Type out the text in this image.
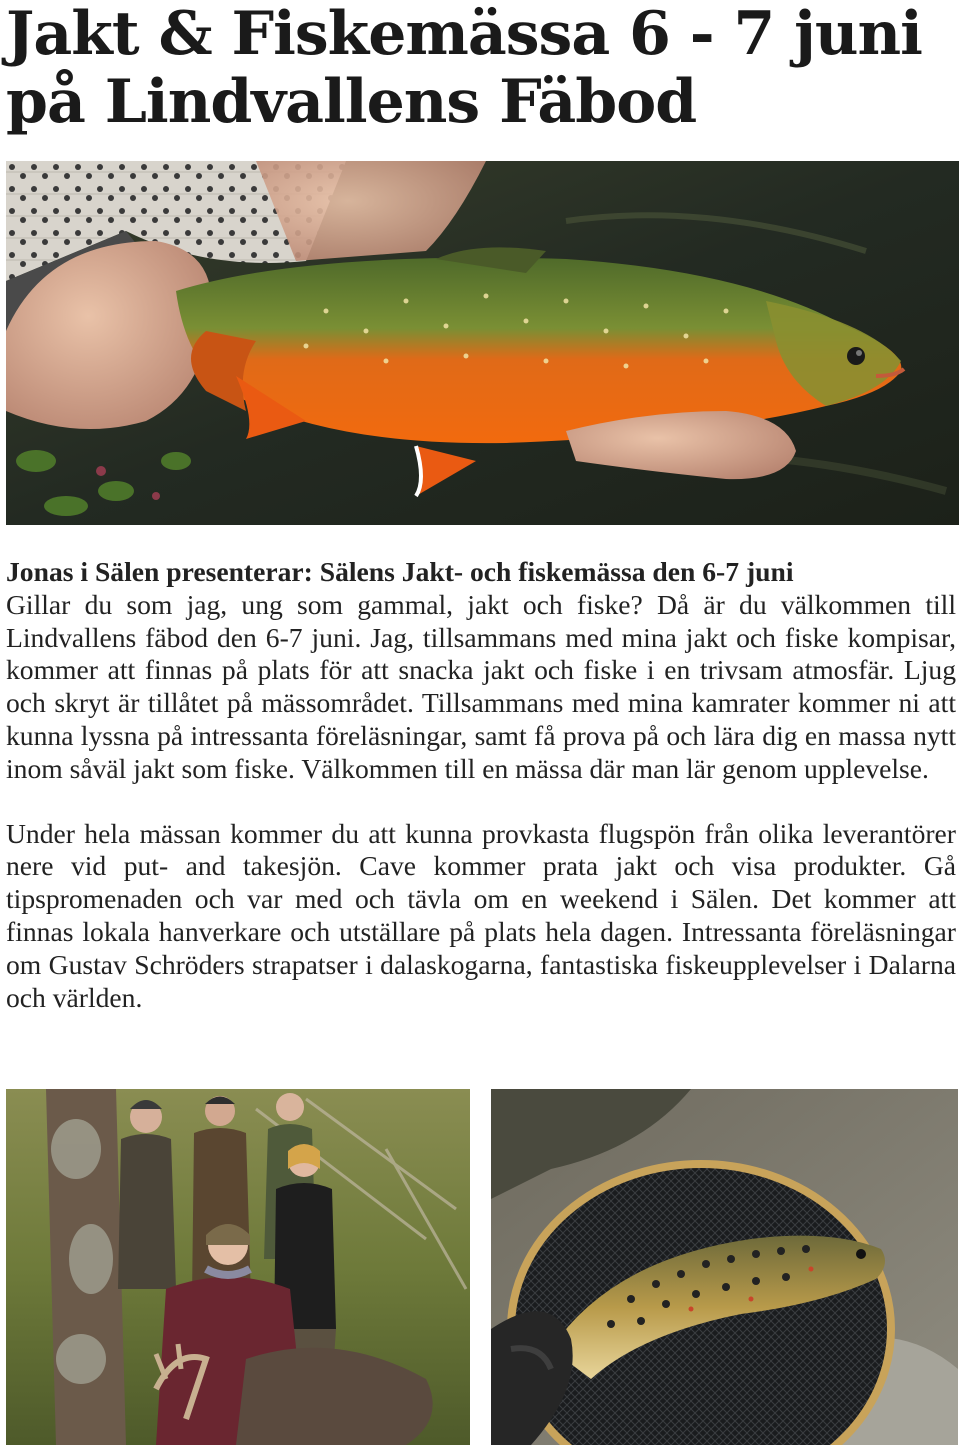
Jakt & Fiskemässa 6 - 7 juni
på Lindvallens Fäbod

Jonas i Sälen presenterar: Sälens Jakt- och fiskemässa den 6-7 juni

Gillar du som jag, ung som gammal, jakt och fiske? Då är du välkommen till Lindvallens fäbod den 6-7 juni. Jag, tillsammans med mina jakt och fiske kompisar, kommer att finnas på plats för att snacka jakt och fiske i en trivsam atmosfär. Ljug och skryt är tillåtet på mässområdet. Tillsammans med mina kamrater kommer ni att kunna lyssna på intressanta föreläsningar, samt få prova på och lära dig en massa nytt inom såväl jakt som fiske. Välkommen till en mässa där man lär genom upplevelse.

Under hela mässan kommer du att kunna provkasta flugspön från olika leverantörer nere vid put- and takesjön. Cave kommer prata jakt och visa produkter. Gå tipspromenaden och var med och tävla om en weekend i Sälen. Det kommer att finnas lokala hanverkare och utställare på plats hela dagen. Intressanta föreläsningar om Gustav Schröders strapatser i dalaskogarna, fantastiska fiskeupplevelser i Dalarna och världen.
